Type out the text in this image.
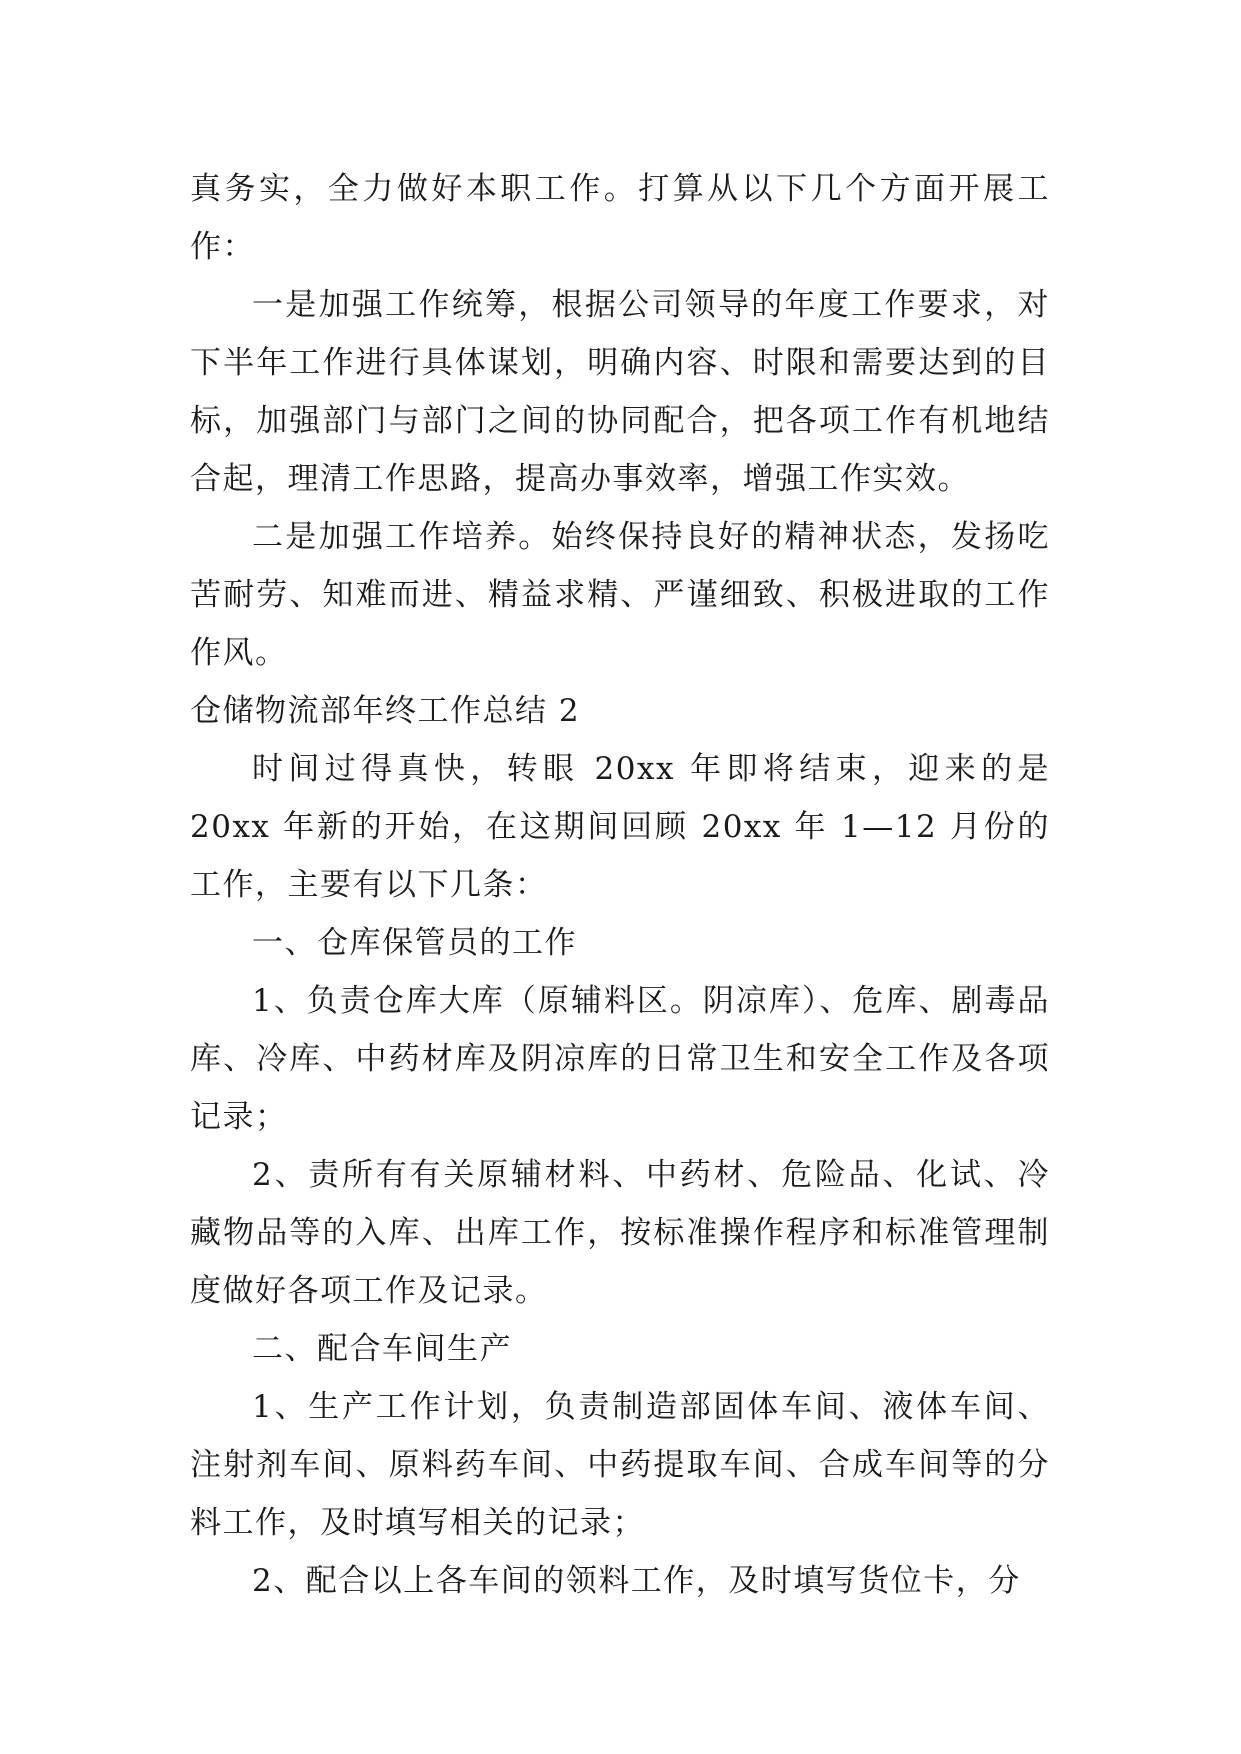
真务实，全力做好本职工作。打算从以下几个方面开展工作：

一是加强工作统筹，根据公司领导的年度工作要求，对下半年工作进行具体谋划，明确内容、时限和需要达到的目标，加强部门与部门之间的协同配合，把各项工作有机地结合起，理清工作思路，提高办事效率，增强工作实效。

二是加强工作培养。始终保持良好的精神状态，发扬吃苦耐劳、知难而进、精益求精、严谨细致、积极进取的工作作风。

仓储物流部年终工作总结 2

时间过得真快，转眼 20xx 年即将结束，迎来的是 20xx 年新的开始，在这期间回顾 20xx 年 1—12 月份的工作，主要有以下几条：

一、仓库保管员的工作

1、负责仓库大库（原辅料区。阴凉库）、危库、剧毒品库、冷库、中药材库及阴凉库的日常卫生和安全工作及各项记录；

2、责所有有关原辅材料、中药材、危险品、化试、冷藏物品等的入库、出库工作，按标准操作程序和标准管理制度做好各项工作及记录。

二、配合车间生产

1、生产工作计划，负责制造部固体车间、液体车间、注射剂车间、原料药车间、中药提取车间、合成车间等的分料工作，及时填写相关的记录；

2、配合以上各车间的领料工作，及时填写货位卡，分
